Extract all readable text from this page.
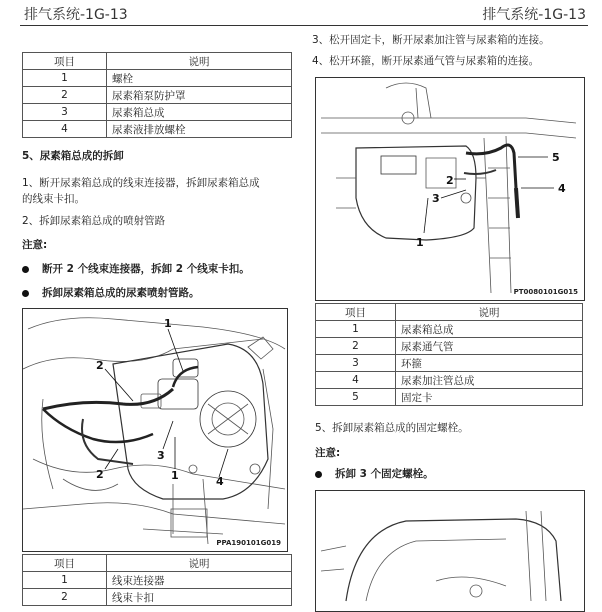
排气系统-1G-13	排气系统-1G-13
项目	说明
1	螺栓
2	尿素箱泵防护罩
3	尿素箱总成
4	尿素液排放螺栓
5、尿素箱总成的拆卸
1、断开尿素箱总成的线束连接器，拆卸尿素箱总成
的线束卡扣。
2、拆卸尿素箱总成的喷射管路
注意:
断开 2 个线束连接器，拆卸 2 个线束卡扣。
拆卸尿素箱总成的尿素喷射管路。
1
2
2
3
1	4
PPA190101G019
项目	说明
1	线束连接器
2	线束卡扣
3、松开固定卡，断开尿素加注管与尿素箱的连接。
4、松开环箍，断开尿素通气管与尿素箱的连接。
5
2
4
3
1
PT0080101G015
项目	说明
1	尿素箱总成
2	尿素通气管
3	环箍
4	尿素加注管总成
5	固定卡
5、拆卸尿素箱总成的固定螺栓。
注意:
拆卸 3 个固定螺栓。
